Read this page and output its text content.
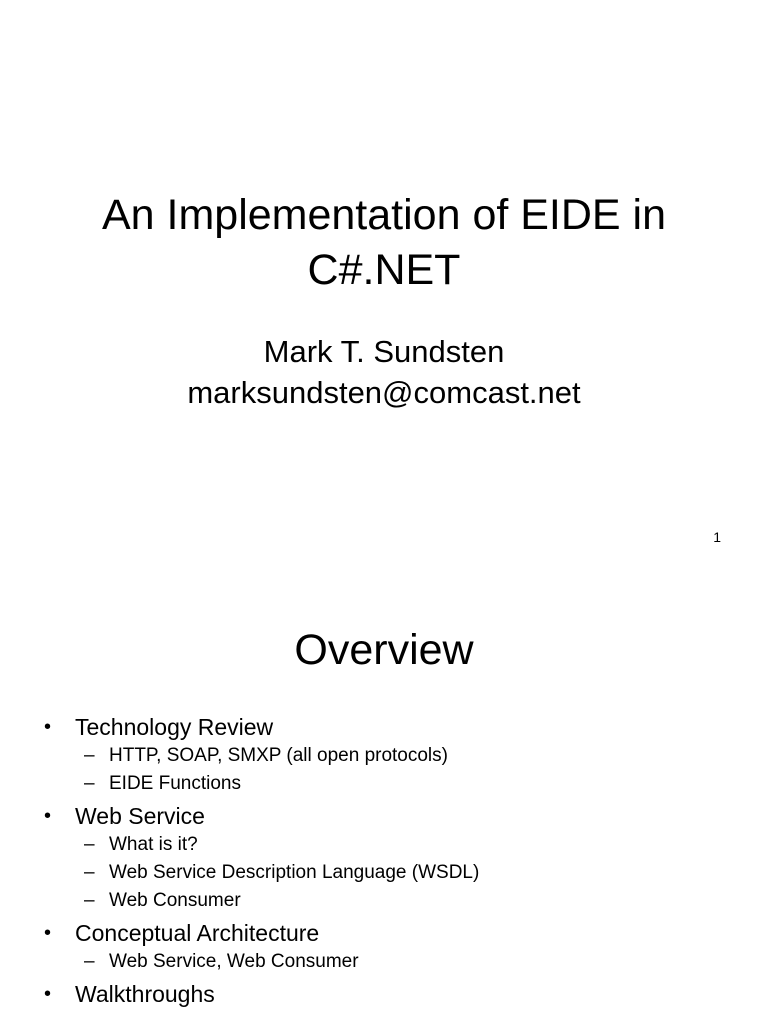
An Implementation of EIDE in
C#.NET
Mark T. Sundsten
marksundsten@comcast.net
1
Overview
• Technology Review
– HTTP, SOAP, SMXP (all open protocols)
– EIDE Functions
• Web Service
– What is it?
– Web Service Description Language (WSDL)
– Web Consumer
• Conceptual Architecture
– Web Service, Web Consumer
• Walkthroughs
